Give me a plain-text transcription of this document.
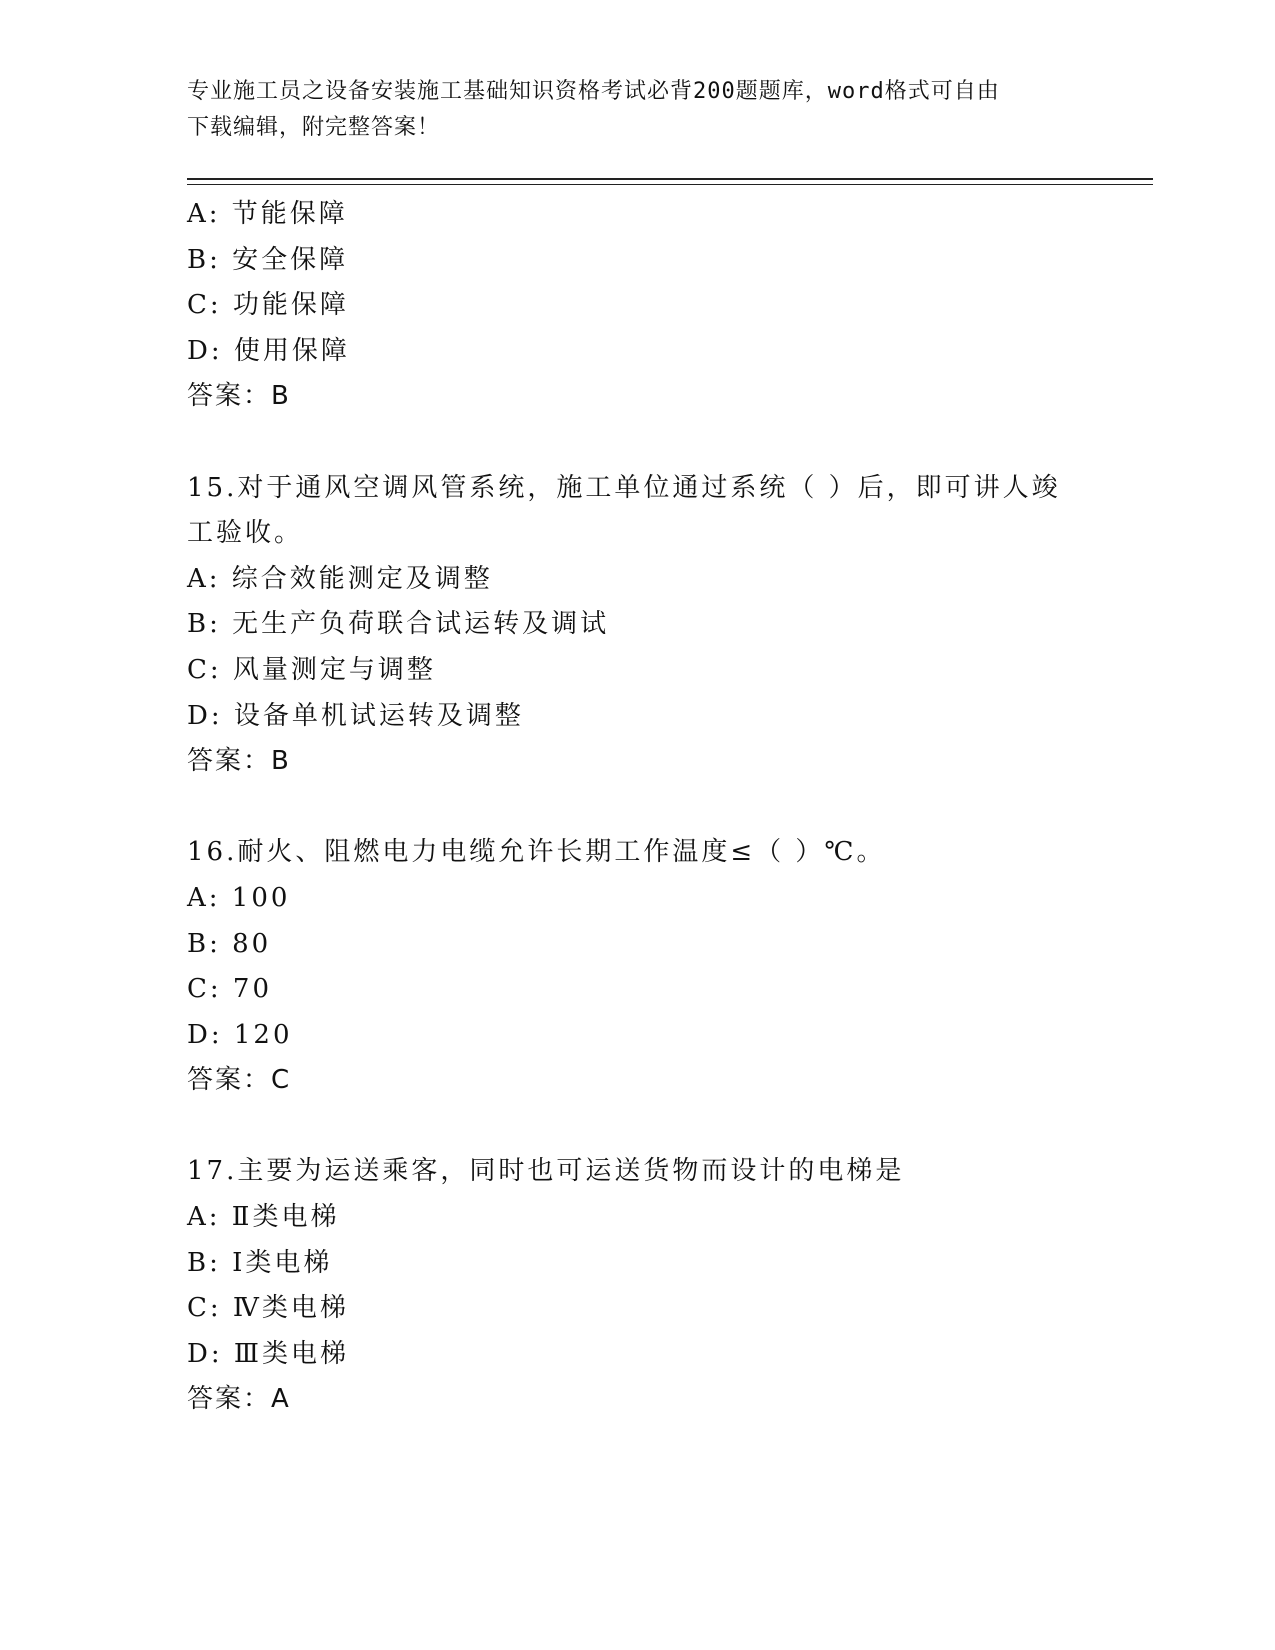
专业施工员之设备安装施工基础知识资格考试必背200题题库，word格式可自由
下载编辑，附完整答案！
A: 节能保障
B: 安全保障
C: 功能保障
D: 使用保障
答案：B
15.对于通风空调风管系统，施工单位通过系统（ ）后，即可讲人竣
工验收。
A: 综合效能测定及调整
B: 无生产负荷联合试运转及调试
C: 风量测定与调整
D: 设备单机试运转及调整
答案：B
16.耐火、阻燃电力电缆允许长期工作温度≤（ ）℃。
A: 100
B: 80
C: 70
D: 120
答案：C
17.主要为运送乘客，同时也可运送货物而设计的电梯是
A: Ⅱ类电梯
B: Ⅰ类电梯
C: Ⅳ类电梯
D: Ⅲ类电梯
答案：A
